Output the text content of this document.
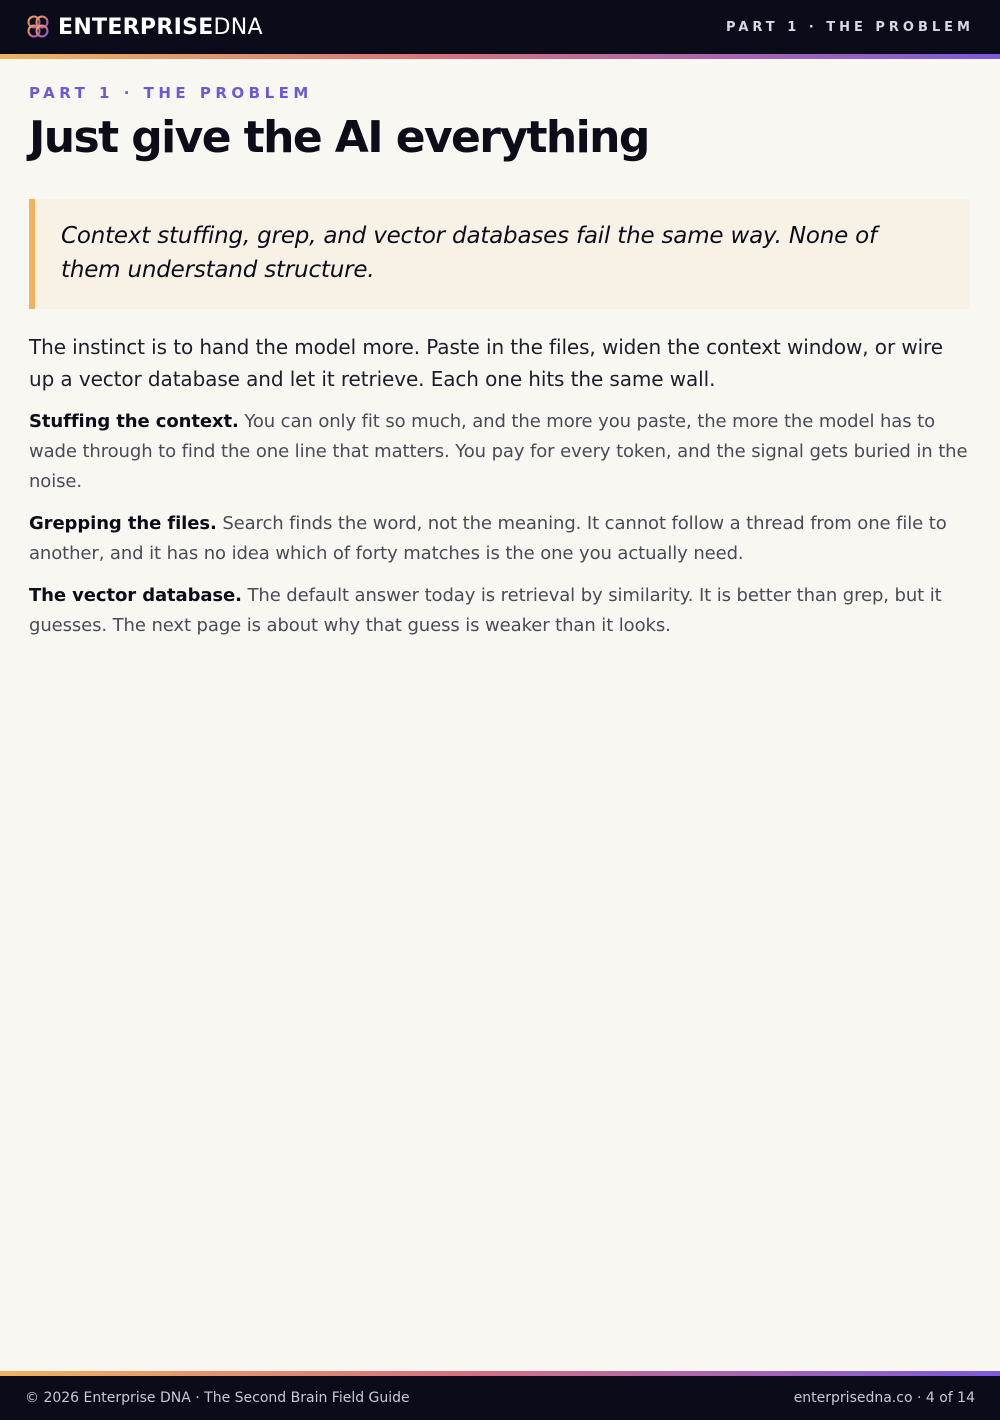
ENTERPRISEDNA	PART 1 · THE PROBLEM
PART 1 · THE PROBLEM
Just give the AI everything

Context stuffing, grep, and vector databases fail the same way. None of them understand structure.

The instinct is to hand the model more. Paste in the files, widen the context window, or wire up a vector database and let it retrieve. Each one hits the same wall.

Stuffing the context. You can only fit so much, and the more you paste, the more the model has to wade through to find the one line that matters. You pay for every token, and the signal gets buried in the noise.

Grepping the files. Search finds the word, not the meaning. It cannot follow a thread from one file to another, and it has no idea which of forty matches is the one you actually need.

The vector database. The default answer today is retrieval by similarity. It is better than grep, but it guesses. The next page is about why that guess is weaker than it looks.

© 2026 Enterprise DNA · The Second Brain Field Guide	enterprisedna.co · 4 of 14
